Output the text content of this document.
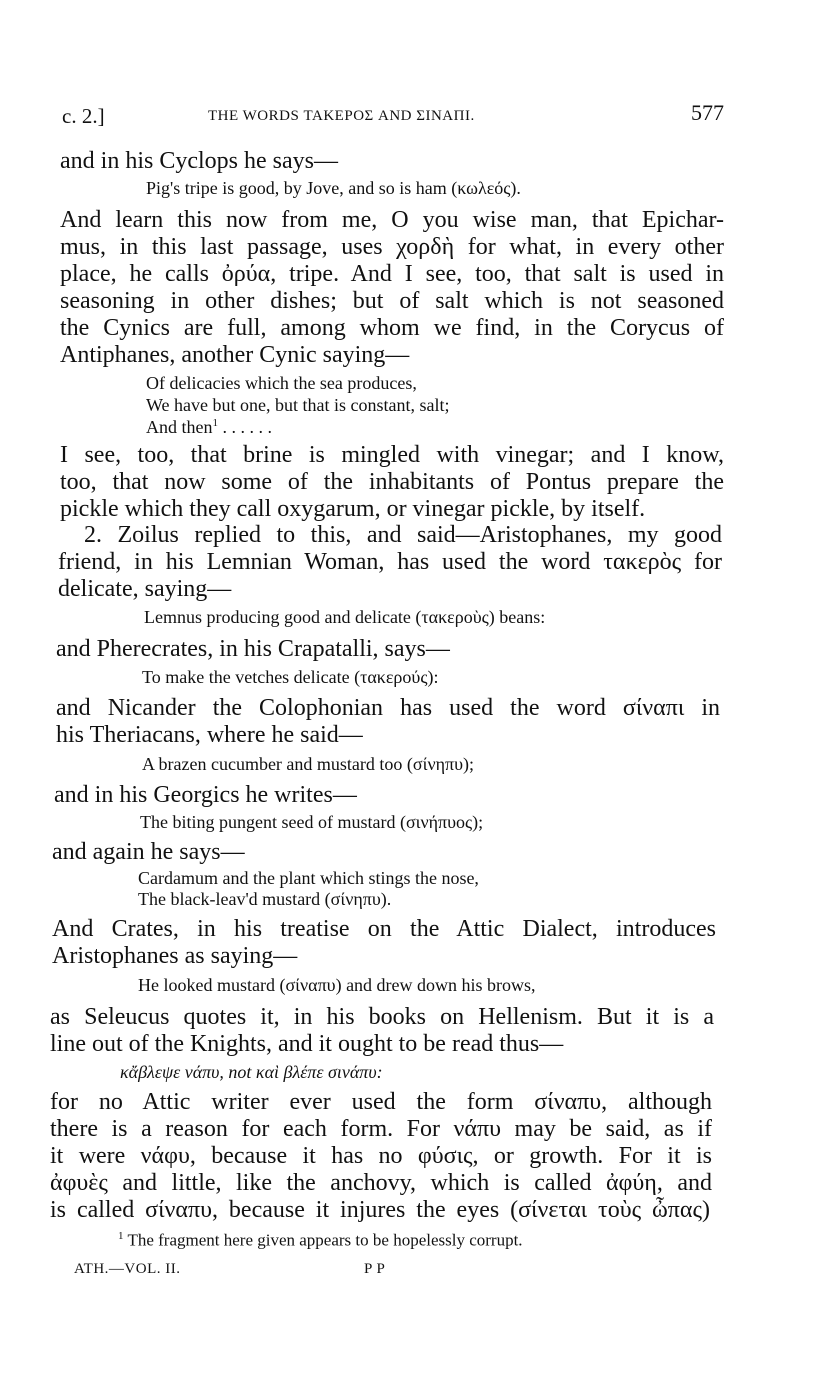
c. 2.]	THE WORDS ΤΑΚΕΡΟΣ AND ΣΙΝΑΠΙ.	577
and in his Cyclops he says—
Pig's tripe is good, by Jove, and so is ham (κωλεός).
And learn this now from me, O you wise man, that Epichar-
mus, in this last passage, uses χορδὴ for what, in every other
place, he calls ὀρύα, tripe. And I see, too, that salt is used in
seasoning in other dishes; but of salt which is not seasoned
the Cynics are full, among whom we find, in the Corycus of
Antiphanes, another Cynic saying—
Of delicacies which the sea produces,
We have but one, but that is constant, salt;
And then$^1$ . . . . . .
I see, too, that brine is mingled with vinegar; and I know,
too, that now some of the inhabitants of Pontus prepare the
pickle which they call oxygarum, or vinegar pickle, by itself.
2. Zoilus replied to this, and said—Aristophanes, my good
friend, in his Lemnian Woman, has used the word τακερὸς for
delicate, saying—
Lemnus producing good and delicate (τακεροὺς) beans:
and Pherecrates, in his Crapatalli, says—
To make the vetches delicate (τακερούς):
and Nicander the Colophonian has used the word σίναπι in
his Theriacans, where he said—
A brazen cucumber and mustard too (σίνηπυ);
and in his Georgics he writes—
The biting pungent seed of mustard (σινήπυος);
and again he says—
Cardamum and the plant which stings the nose,
The black-leav'd mustard (σίνηπυ).
And Crates, in his treatise on the Attic Dialect, introduces
Aristophanes as saying—
He looked mustard (σίναπυ) and drew down his brows,
as Seleucus quotes it, in his books on Hellenism. But it is a
line out of the Knights, and it ought to be read thus—
κἄβλεψε νάπυ, not καὶ βλέπε σινάπυ:
for no Attic writer ever used the form σίναπυ, although
there is a reason for each form. For νάπυ may be said, as if
it were νάφυ, because it has no φύσις, or growth. For it is
ἀφυὲς and little, like the anchovy, which is called ἀφύη, and
is called σίναπυ, because it injures the eyes (σίνεται τοὺς ὦπας)
$^1$ The fragment here given appears to be hopelessly corrupt.
ATH.—VOL. II.	P P
